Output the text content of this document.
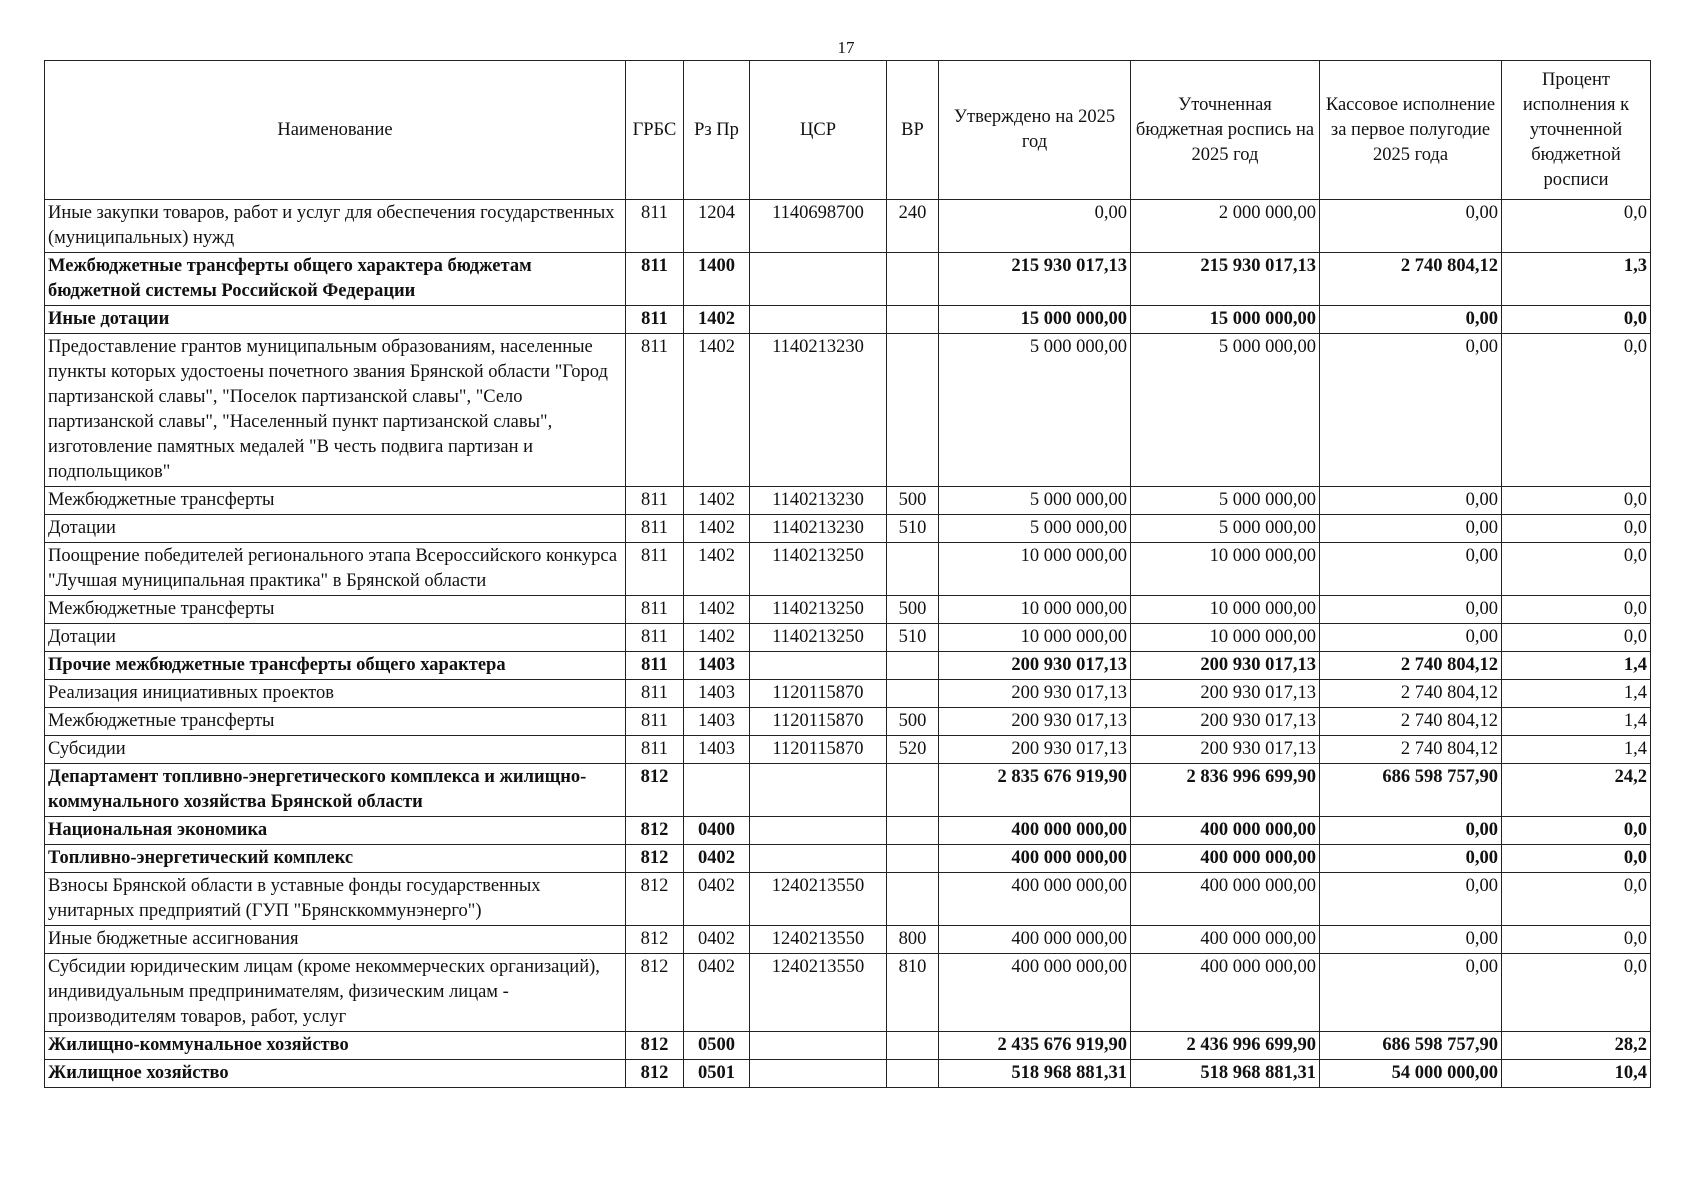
17
Наименование	ГРБС	Рз Пр	ЦСР	ВР	Утверждено на 2025 год	Уточненная бюджетная роспись на 2025 год	Кассовое исполнение за первое полугодие 2025 года	Процент исполнения к уточненной бюджетной росписи
Иные закупки товаров, работ и услуг для обеспечения государственных (муниципальных) нужд	811	1204	1140698700	240	0,00	2 000 000,00	0,00	0,0
Межбюджетные трансферты общего характера бюджетам бюджетной системы Российской Федерации	811	1400			215 930 017,13	215 930 017,13	2 740 804,12	1,3
Иные дотации	811	1402			15 000 000,00	15 000 000,00	0,00	0,0
Предоставление грантов муниципальным образованиям, населенные пункты которых удостоены почетного звания Брянской области "Город партизанской славы", "Поселок партизанской славы", "Село партизанской славы", "Населенный пункт партизанской славы", изготовление памятных медалей "В честь подвига партизан и подпольщиков"	811	1402	1140213230		5 000 000,00	5 000 000,00	0,00	0,0
Межбюджетные трансферты	811	1402	1140213230	500	5 000 000,00	5 000 000,00	0,00	0,0
Дотации	811	1402	1140213230	510	5 000 000,00	5 000 000,00	0,00	0,0
Поощрение победителей регионального этапа Всероссийского конкурса "Лучшая муниципальная практика" в Брянской области	811	1402	1140213250		10 000 000,00	10 000 000,00	0,00	0,0
Межбюджетные трансферты	811	1402	1140213250	500	10 000 000,00	10 000 000,00	0,00	0,0
Дотации	811	1402	1140213250	510	10 000 000,00	10 000 000,00	0,00	0,0
Прочие межбюджетные трансферты общего характера	811	1403			200 930 017,13	200 930 017,13	2 740 804,12	1,4
Реализация инициативных проектов	811	1403	1120115870		200 930 017,13	200 930 017,13	2 740 804,12	1,4
Межбюджетные трансферты	811	1403	1120115870	500	200 930 017,13	200 930 017,13	2 740 804,12	1,4
Субсидии	811	1403	1120115870	520	200 930 017,13	200 930 017,13	2 740 804,12	1,4
Департамент топливно-энергетического комплекса и жилищно-коммунального хозяйства Брянской области	812				2 835 676 919,90	2 836 996 699,90	686 598 757,90	24,2
Национальная экономика	812	0400			400 000 000,00	400 000 000,00	0,00	0,0
Топливно-энергетический комплекс	812	0402			400 000 000,00	400 000 000,00	0,00	0,0
Взносы Брянской области в уставные фонды государственных унитарных предприятий (ГУП "Брянсккоммунэнерго")	812	0402	1240213550		400 000 000,00	400 000 000,00	0,00	0,0
Иные бюджетные ассигнования	812	0402	1240213550	800	400 000 000,00	400 000 000,00	0,00	0,0
Субсидии юридическим лицам (кроме некоммерческих организаций), индивидуальным предпринимателям, физическим лицам - производителям товаров, работ, услуг	812	0402	1240213550	810	400 000 000,00	400 000 000,00	0,00	0,0
Жилищно-коммунальное хозяйство	812	0500			2 435 676 919,90	2 436 996 699,90	686 598 757,90	28,2
Жилищное хозяйство	812	0501			518 968 881,31	518 968 881,31	54 000 000,00	10,4
